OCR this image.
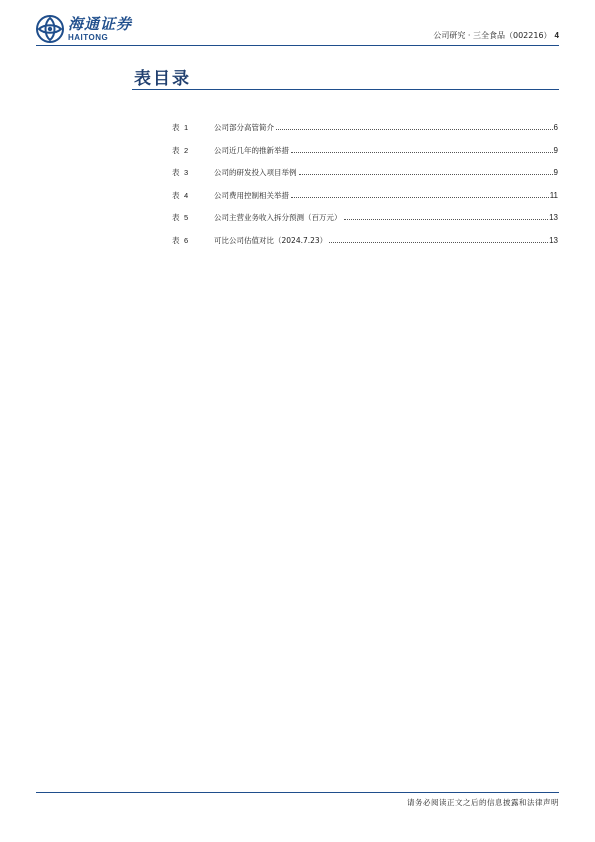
海通证券
HAITONG	公司研究 · 三全食品（002216） 4
表目录
表 1	公司部分高管简介	6
表 2	公司近几年的推新举措	9
表 3	公司的研发投入项目举例	9
表 4	公司费用控制相关举措	11
表 5	公司主营业务收入拆分预测（百万元）	13
表 6	可比公司估值对比（2024.7.23）	13
请务必阅读正文之后的信息披露和法律声明
